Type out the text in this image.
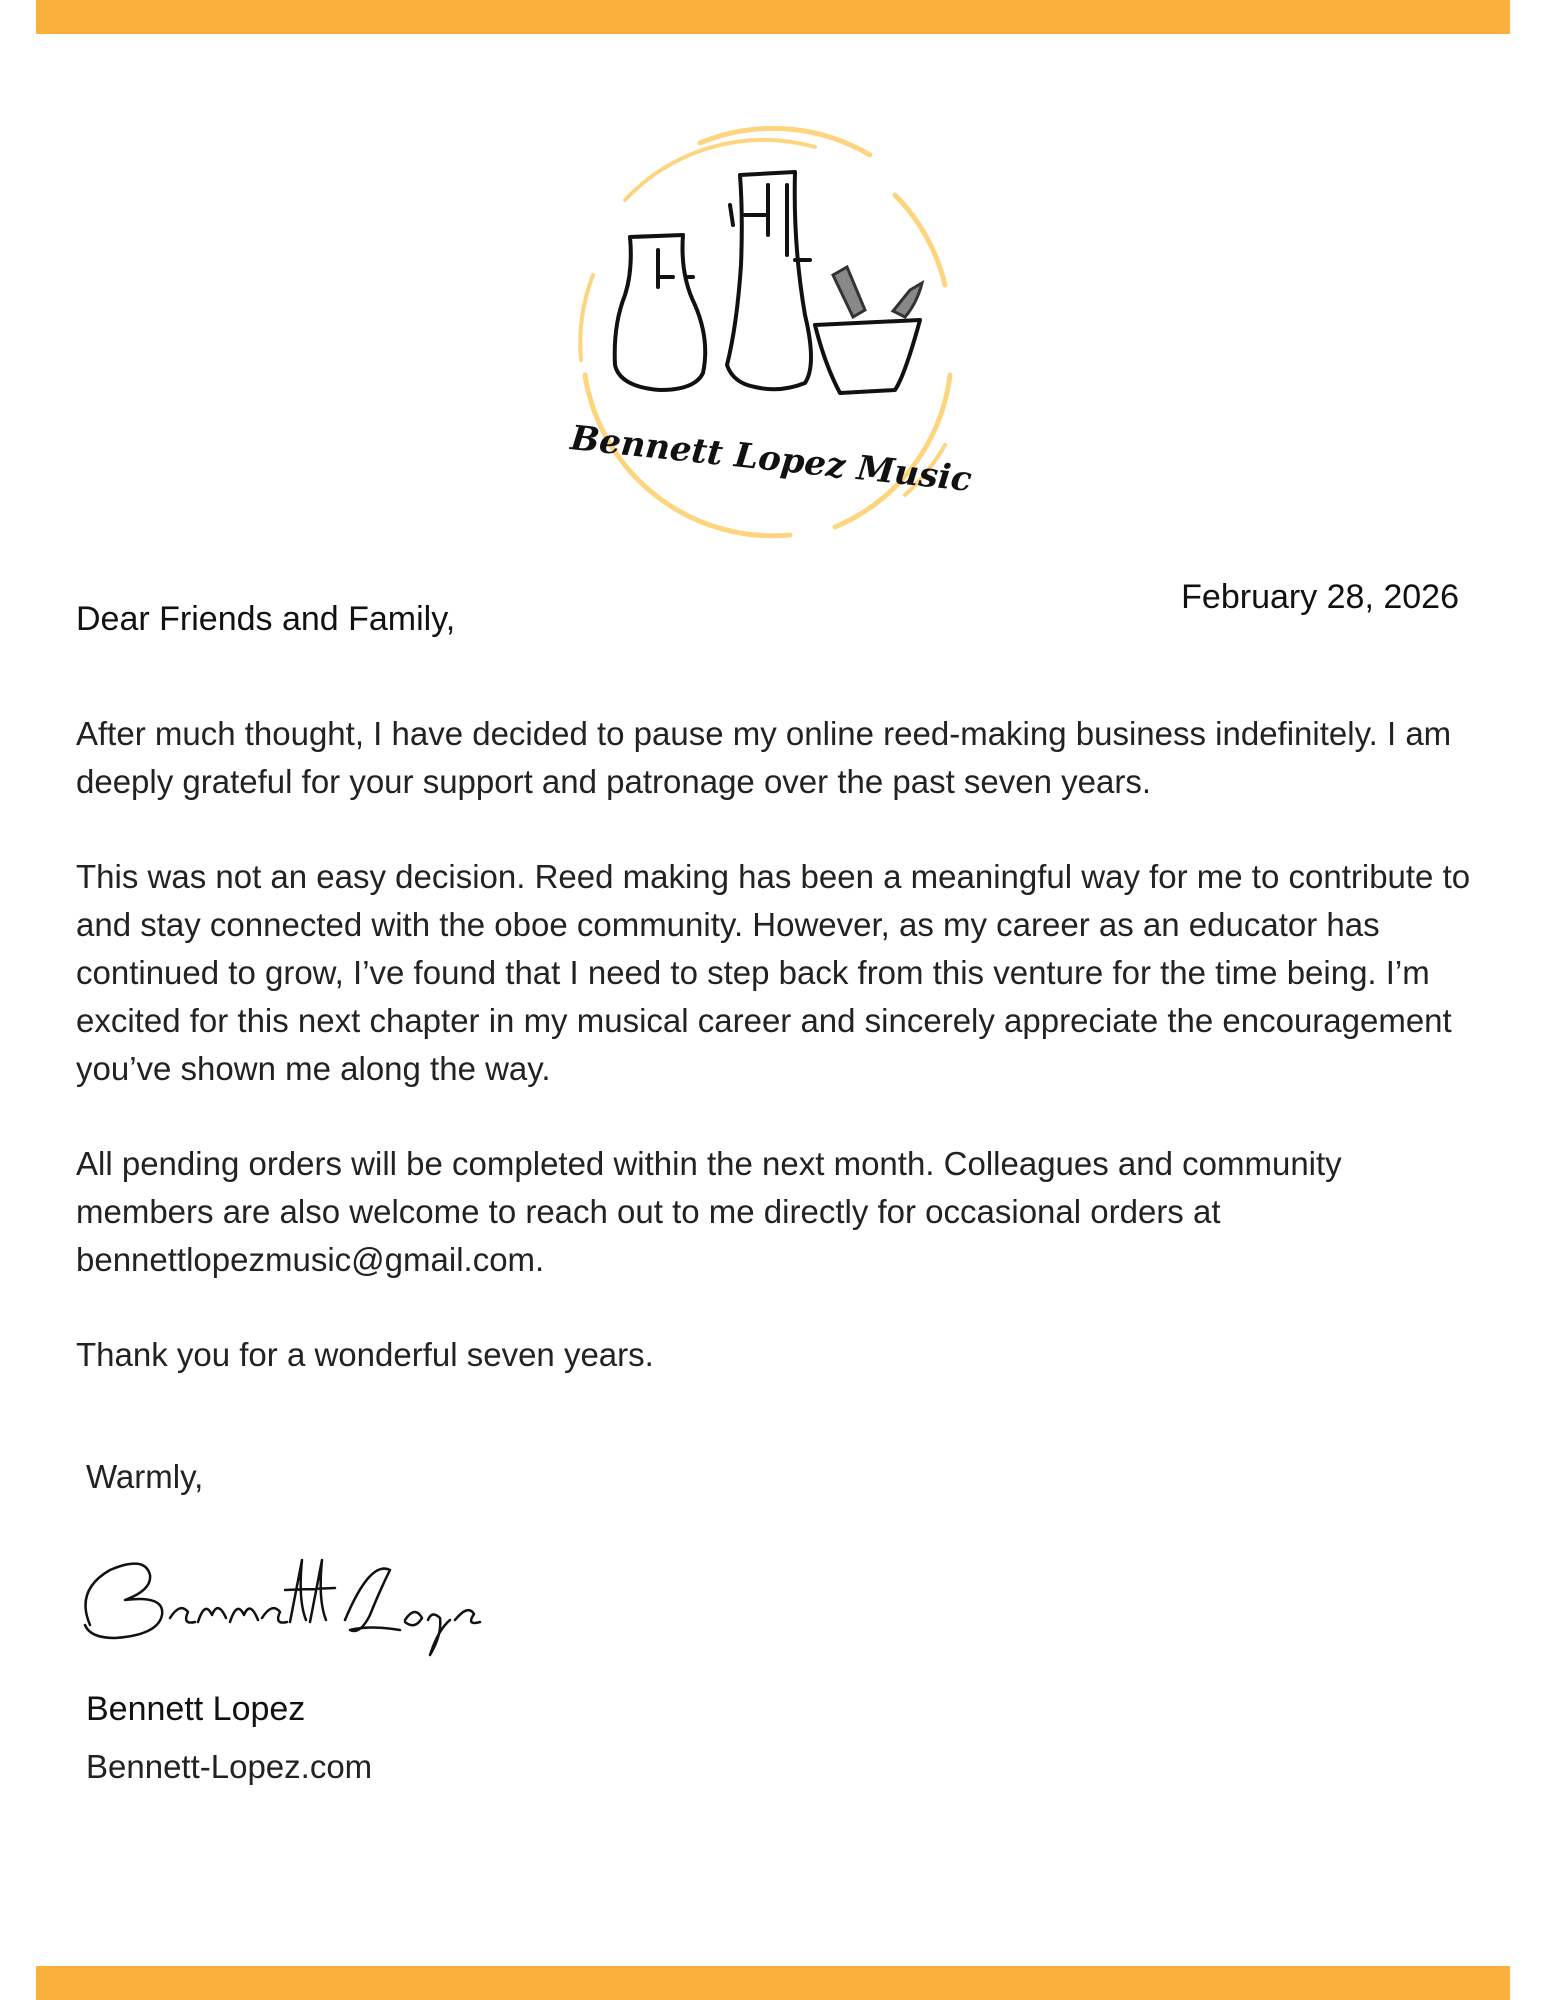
Bennett Lopez Music
February 28, 2026
Dear Friends and Family,

After much thought, I have decided to pause my online reed-making business indefinitely. I am deeply grateful for your support and patronage over the past seven years.

This was not an easy decision. Reed making has been a meaningful way for me to contribute to and stay connected with the oboe community. However, as my career as an educator has continued to grow, I’ve found that I need to step back from this venture for the time being. I’m excited for this next chapter in my musical career and sincerely appreciate the encouragement you’ve shown me along the way.

All pending orders will be completed within the next month. Colleagues and community members are also welcome to reach out to me directly for occasional orders at bennettlopezmusic@gmail.com.

Thank you for a wonderful seven years.

Warmly,
Bennett Lopez
Bennett-Lopez.com
